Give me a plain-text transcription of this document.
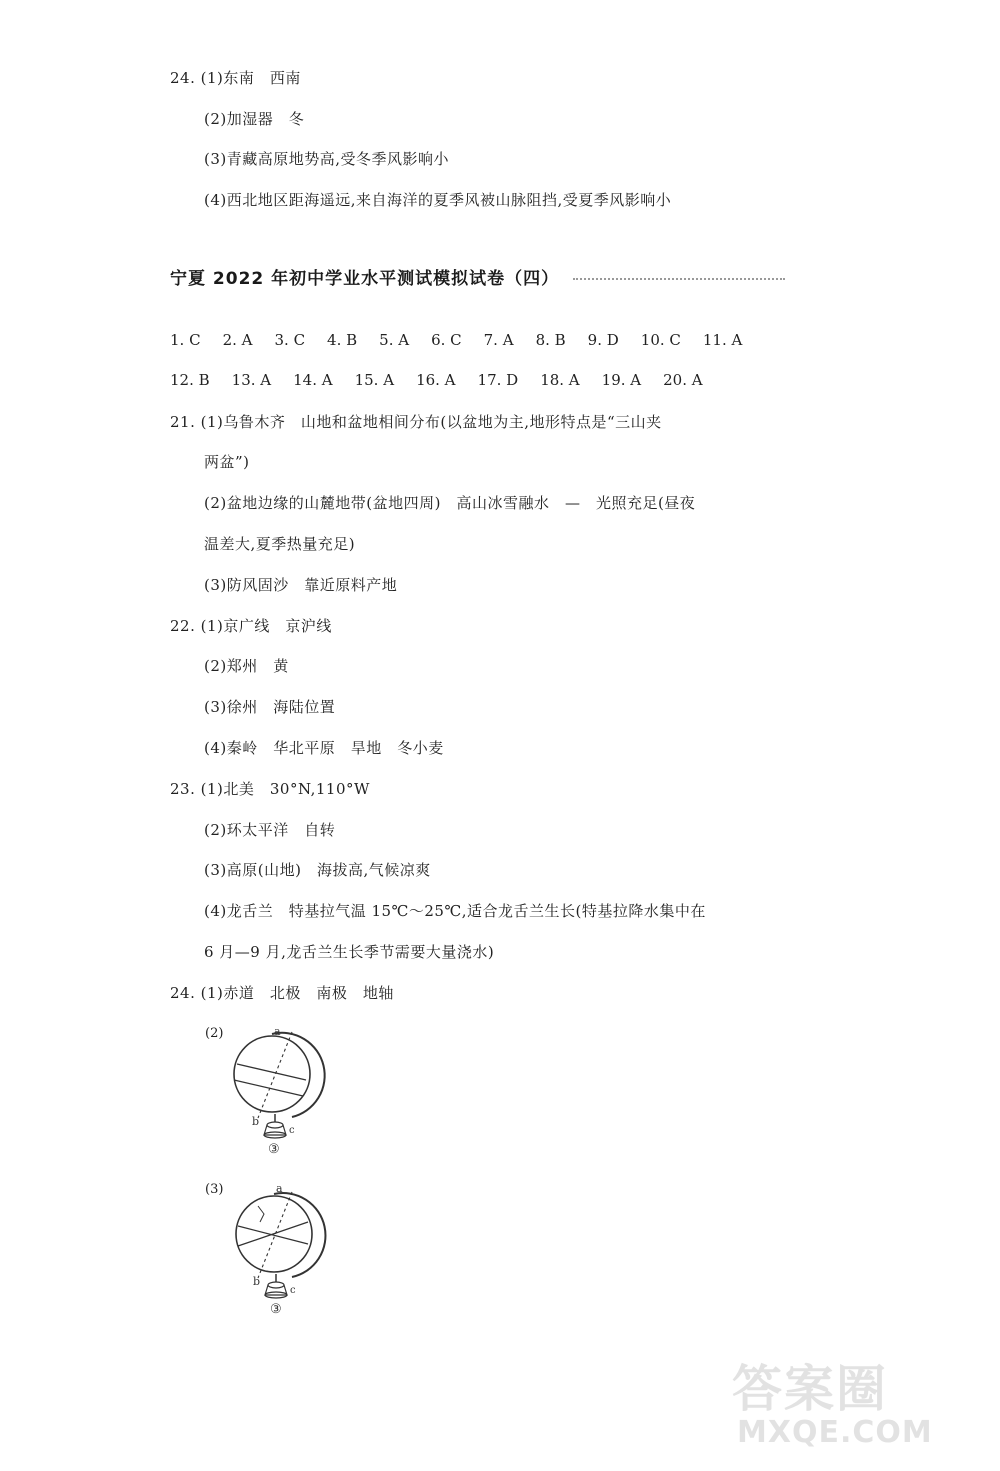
24. (1)东南　西南
(2)加湿器　冬
(3)青藏高原地势高,受冬季风影响小
(4)西北地区距海遥远,来自海洋的夏季风被山脉阻挡,受夏季风影响小
宁夏 2022 年初中学业水平测试模拟试卷（四）
1. C 2. A 3. C 4. B 5. A 6. C 7. A 8. B 9. D 10. C 11. A
12. B 13. A 14. A 15. A 16. A 17. D 18. A 19. A 20. A
21. (1)乌鲁木齐　山地和盆地相间分布(以盆地为主,地形特点是“三山夹
两盆”)
(2)盆地边缘的山麓地带(盆地四周)　高山冰雪融水　—　光照充足(昼夜
温差大,夏季热量充足)
(3)防风固沙　靠近原料产地
22. (1)京广线　京沪线
(2)郑州　黄
(3)徐州　海陆位置
(4)秦岭　华北平原　旱地　冬小麦
23. (1)北美　30°N,110°W
(2)环太平洋　自转
(3)高原(山地)　海拔高,气候凉爽
(4)龙舌兰　特基拉气温 15℃～25℃,适合龙舌兰生长(特基拉降水集中在
6 月—9 月,龙舌兰生长季节需要大量浇水)
24. (1)赤道　北极　南极　地轴
(2)	a
b
c
③
(3)	a
b
c
③
答案圈
MXQE.COM
